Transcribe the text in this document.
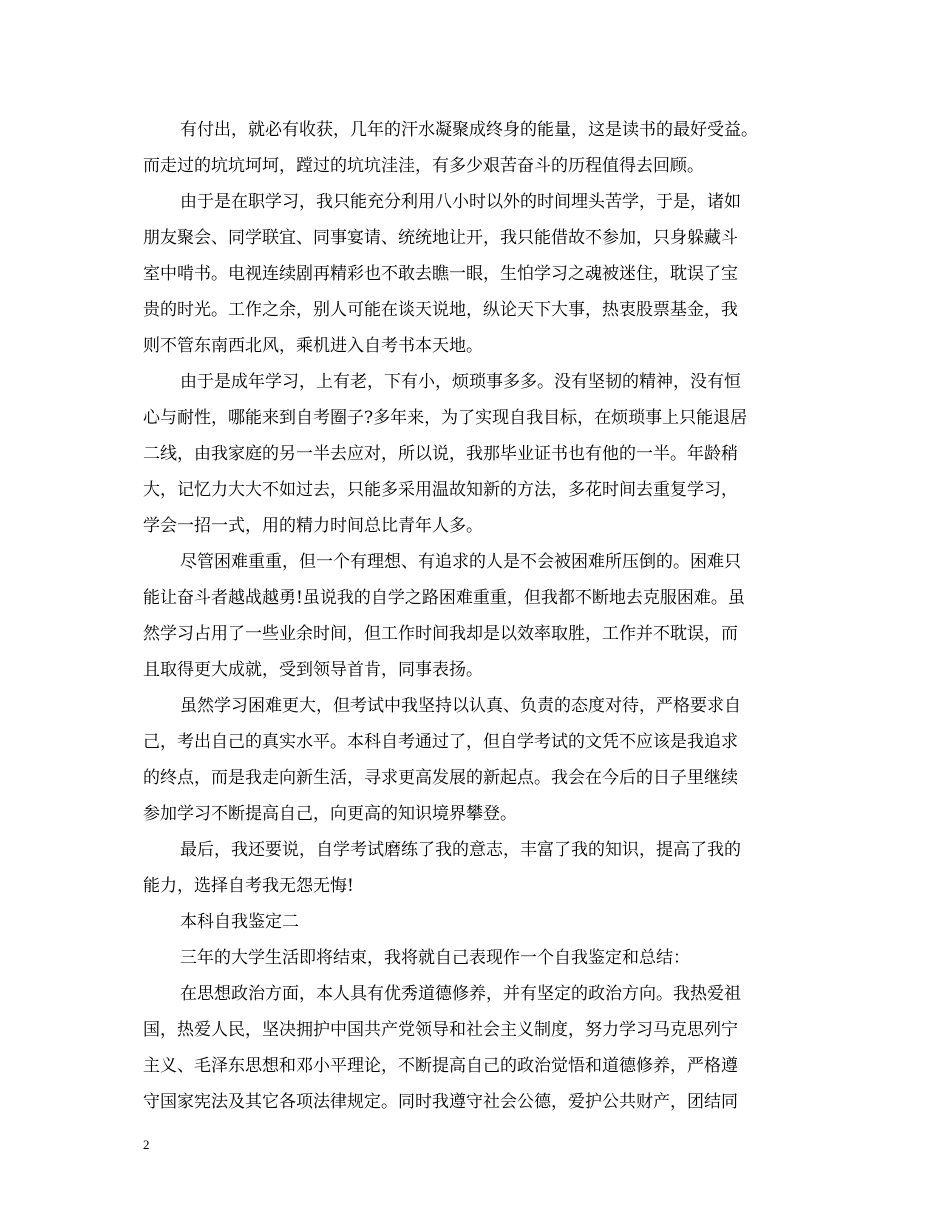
有付出，就必有收获，几年的汗水凝聚成终身的能量，这是读书的最好受益。
而走过的坑坑坷坷，蹚过的坑坑洼洼，有多少艰苦奋斗的历程值得去回顾。
由于是在职学习，我只能充分利用八小时以外的时间埋头苦学，于是，诸如
朋友聚会、同学联宜、同事宴请、统统地让开，我只能借故不参加，只身躲藏斗
室中啃书。电视连续剧再精彩也不敢去瞧一眼，生怕学习之魂被迷住，耽误了宝
贵的时光。工作之余，别人可能在谈天说地，纵论天下大事，热衷股票基金，我
则不管东南西北风，乘机进入自考书本天地。
由于是成年学习，上有老，下有小，烦琐事多多。没有坚韧的精神，没有恒
心与耐性，哪能来到自考圈子?多年来，为了实现自我目标，在烦琐事上只能退居
二线，由我家庭的另一半去应对，所以说，我那毕业证书也有他的一半。年龄稍
大，记忆力大大不如过去，只能多采用温故知新的方法，多花时间去重复学习，
学会一招一式，用的精力时间总比青年人多。
尽管困难重重，但一个有理想、有追求的人是不会被困难所压倒的。困难只
能让奋斗者越战越勇!虽说我的自学之路困难重重，但我都不断地去克服困难。虽
然学习占用了一些业余时间，但工作时间我却是以效率取胜，工作并不耽误，而
且取得更大成就，受到领导首肯，同事表扬。
虽然学习困难更大，但考试中我坚持以认真、负责的态度对待，严格要求自
己，考出自己的真实水平。本科自考通过了，但自学考试的文凭不应该是我追求
的终点，而是我走向新生活，寻求更高发展的新起点。我会在今后的日子里继续
参加学习不断提高自己，向更高的知识境界攀登。
最后，我还要说，自学考试磨练了我的意志，丰富了我的知识，提高了我的
能力，选择自考我无怨无悔!
本科自我鉴定二
三年的大学生活即将结束，我将就自己表现作一个自我鉴定和总结：
在思想政治方面，本人具有优秀道德修养，并有坚定的政治方向。我热爱祖
国，热爱人民，坚决拥护中国共产党领导和社会主义制度，努力学习马克思列宁
主义、毛泽东思想和邓小平理论，不断提高自己的政治觉悟和道德修养，严格遵
守国家宪法及其它各项法律规定。同时我遵守社会公德，爱护公共财产，团结同
2
